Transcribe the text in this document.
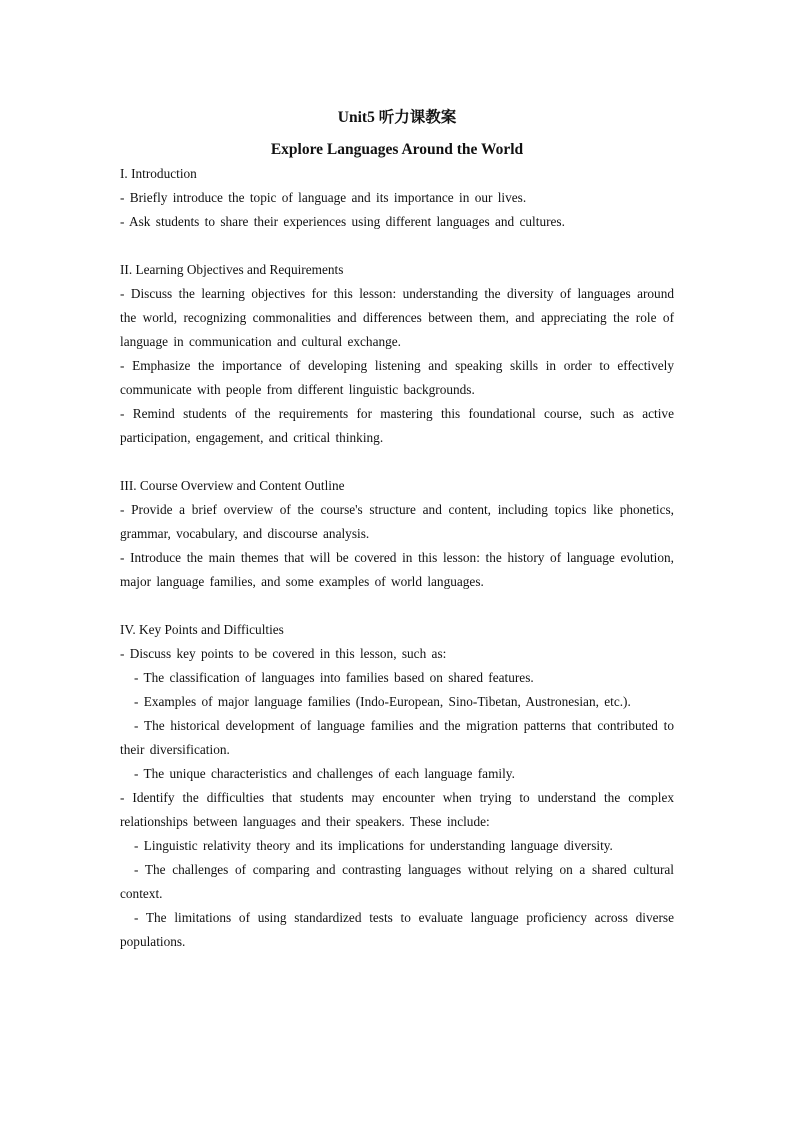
Unit5 听力课教案

Explore Languages Around the World

I. Introduction

- Briefly introduce the topic of language and its importance in our lives.

- Ask students to share their experiences using different languages and cultures.

II. Learning Objectives and Requirements

- Discuss the learning objectives for this lesson: understanding the diversity of languages around the world, recognizing commonalities and differences between them, and appreciating the role of language in communication and cultural exchange.

- Emphasize the importance of developing listening and speaking skills in order to effectively communicate with people from different linguistic backgrounds.

- Remind students of the requirements for mastering this foundational course, such as active participation, engagement, and critical thinking.

III. Course Overview and Content Outline

- Provide a brief overview of the course's structure and content, including topics like phonetics, grammar, vocabulary, and discourse analysis.

- Introduce the main themes that will be covered in this lesson: the history of language evolution, major language families, and some examples of world languages.

IV. Key Points and Difficulties

- Discuss key points to be covered in this lesson, such as:

- The classification of languages into families based on shared features.

- Examples of major language families (Indo-European, Sino-Tibetan, Austronesian, etc.).

- The historical development of language families and the migration patterns that contributed to their diversification.

- The unique characteristics and challenges of each language family.

- Identify the difficulties that students may encounter when trying to understand the complex relationships between languages and their speakers. These include:

- Linguistic relativity theory and its implications for understanding language diversity.

- The challenges of comparing and contrasting languages without relying on a shared cultural context.

- The limitations of using standardized tests to evaluate language proficiency across diverse populations.
